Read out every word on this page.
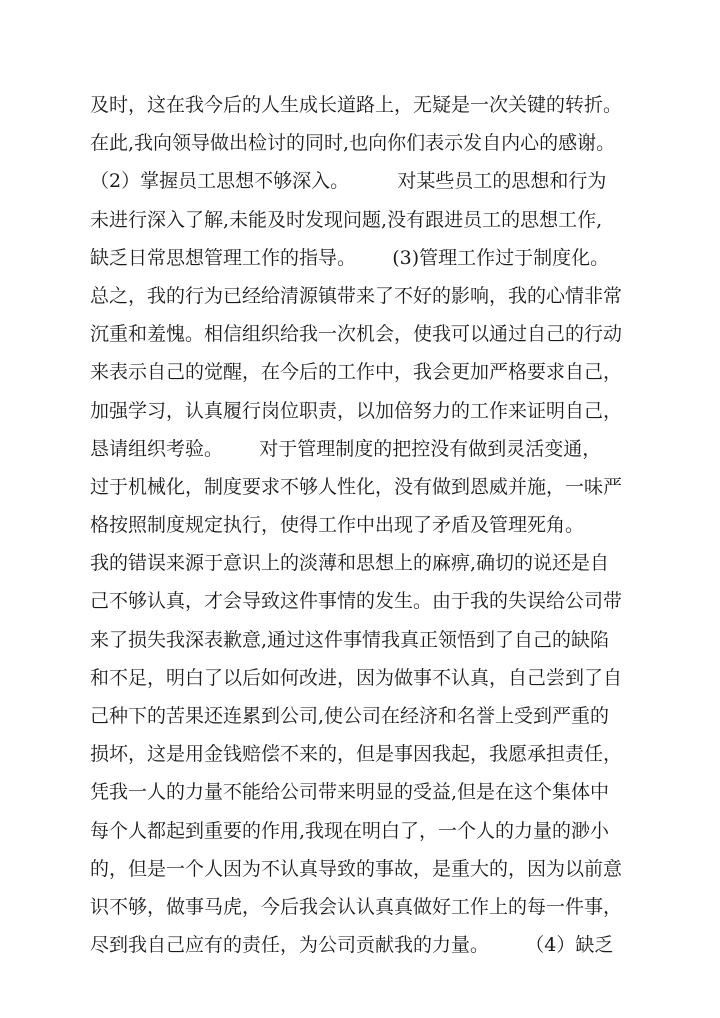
及时，这在我今后的人生成长道路上，无疑是一次关键的转折。
在此,我向领导做出检讨的同时,也向你们表示发自内心的感谢。
（2）掌握员工思想不够深入。        对某些员工的思想和行为
未进行深入了解,未能及时发现问题,没有跟进员工的思想工作,
缺乏日常思想管理工作的指导。      (3)管理工作过于制度化。
总之，我的行为已经给清源镇带来了不好的影响，我的心情非常
沉重和羞愧。相信组织给我一次机会，使我可以通过自己的行动
来表示自己的觉醒，在今后的工作中，我会更加严格要求自己，
加强学习，认真履行岗位职责，以加倍努力的工作来证明自己，
恳请组织考验。      对于管理制度的把控没有做到灵活变通，
过于机械化，制度要求不够人性化，没有做到恩威并施，一味严
格按照制度规定执行，使得工作中出现了矛盾及管理死角。
我的错误来源于意识上的淡薄和思想上的麻痹,确切的说还是自
己不够认真，才会导致这件事情的发生。由于我的失误给公司带
来了损失我深表歉意,通过这件事情我真正领悟到了自己的缺陷
和不足，明白了以后如何改进，因为做事不认真，自己尝到了自
己种下的苦果还连累到公司,使公司在经济和名誉上受到严重的
损坏，这是用金钱赔偿不来的，但是事因我起，我愿承担责任，
凭我一人的力量不能给公司带来明显的受益,但是在这个集体中
每个人都起到重要的作用,我现在明白了，一个人的力量的渺小
的，但是一个人因为不认真导致的事故，是重大的，因为以前意
识不够，做事马虎，今后我会认认真真做好工作上的每一件事，
尽到我自己应有的责任，为公司贡献我的力量。      （4）缺乏
